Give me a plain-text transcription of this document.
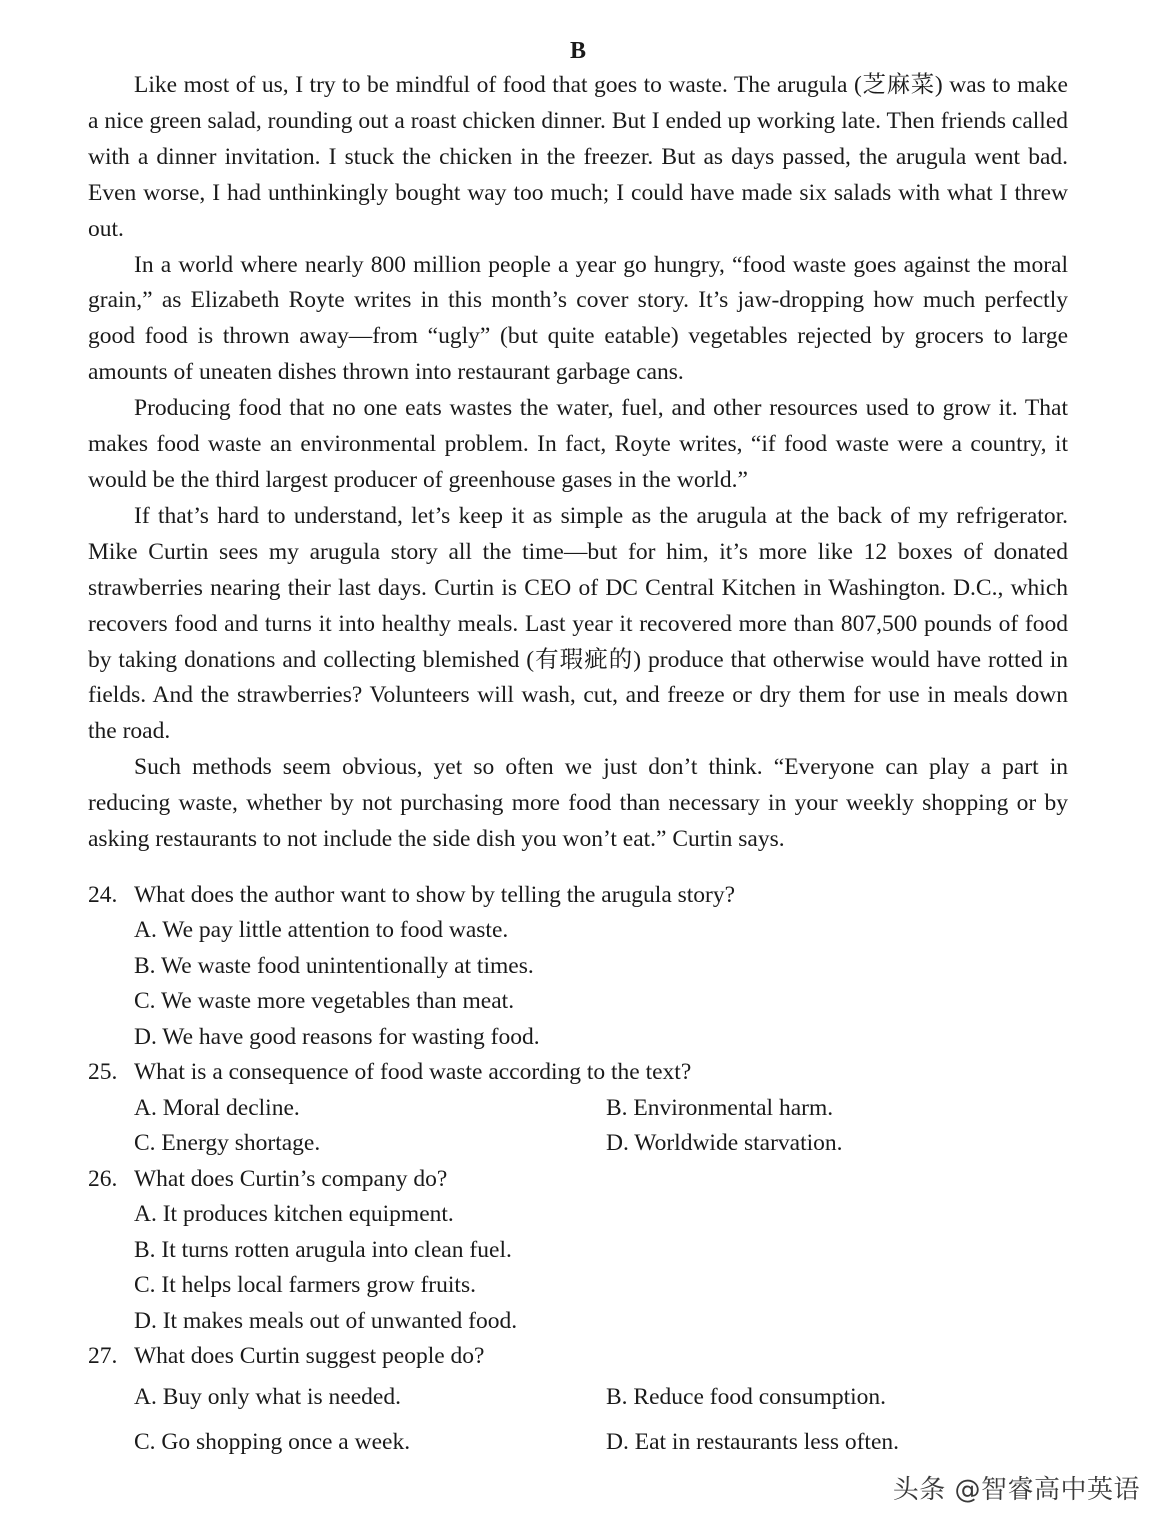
B

Like most of us, I try to be mindful of food that goes to waste. The arugula (芝麻菜) was to make a nice green salad, rounding out a roast chicken dinner. But I ended up working late. Then friends called with a dinner invitation. I stuck the chicken in the freezer. But as days passed, the arugula went bad. Even worse, I had unthinkingly bought way too much; I could have made six salads with what I threw out.

In a world where nearly 800 million people a year go hungry, “food waste goes against the moral grain,” as Elizabeth Royte writes in this month’s cover story. It’s jaw-dropping how much perfectly good food is thrown away—from “ugly” (but quite eatable) vegetables rejected by grocers to large amounts of uneaten dishes thrown into restaurant garbage cans.

Producing food that no one eats wastes the water, fuel, and other resources used to grow it. That makes food waste an environmental problem. In fact, Royte writes, “if food waste were a country, it would be the third largest producer of greenhouse gases in the world.”

If that’s hard to understand, let’s keep it as simple as the arugula at the back of my refrigerator. Mike Curtin sees my arugula story all the time—but for him, it’s more like 12 boxes of donated strawberries nearing their last days. Curtin is CEO of DC Central Kitchen in Washington. D.C., which recovers food and turns it into healthy meals. Last year it recovered more than 807,500 pounds of food by taking donations and collecting blemished (有瑕疵的) produce that otherwise would have rotted in fields. And the strawberries? Volunteers will wash, cut, and freeze or dry them for use in meals down the road.

Such methods seem obvious, yet so often we just don’t think. “Everyone can play a part in reducing waste, whether by not purchasing more food than necessary in your weekly shopping or by asking restaurants to not include the side dish you won’t eat.” Curtin says.

24. What does the author want to show by telling the arugula story?
A. We pay little attention to food waste.
B. We waste food unintentionally at times.
C. We waste more vegetables than meat.
D. We have good reasons for wasting food.
25. What is a consequence of food waste according to the text?
A. Moral decline.	B. Environmental harm.
C. Energy shortage.	D. Worldwide starvation.
26. What does Curtin’s company do?
A. It produces kitchen equipment.
B. It turns rotten arugula into clean fuel.
C. It helps local farmers grow fruits.
D. It makes meals out of unwanted food.
27. What does Curtin suggest people do?
A. Buy only what is needed.	B. Reduce food consumption.
C. Go shopping once a week.	D. Eat in restaurants less often.
头条 @智睿高中英语
